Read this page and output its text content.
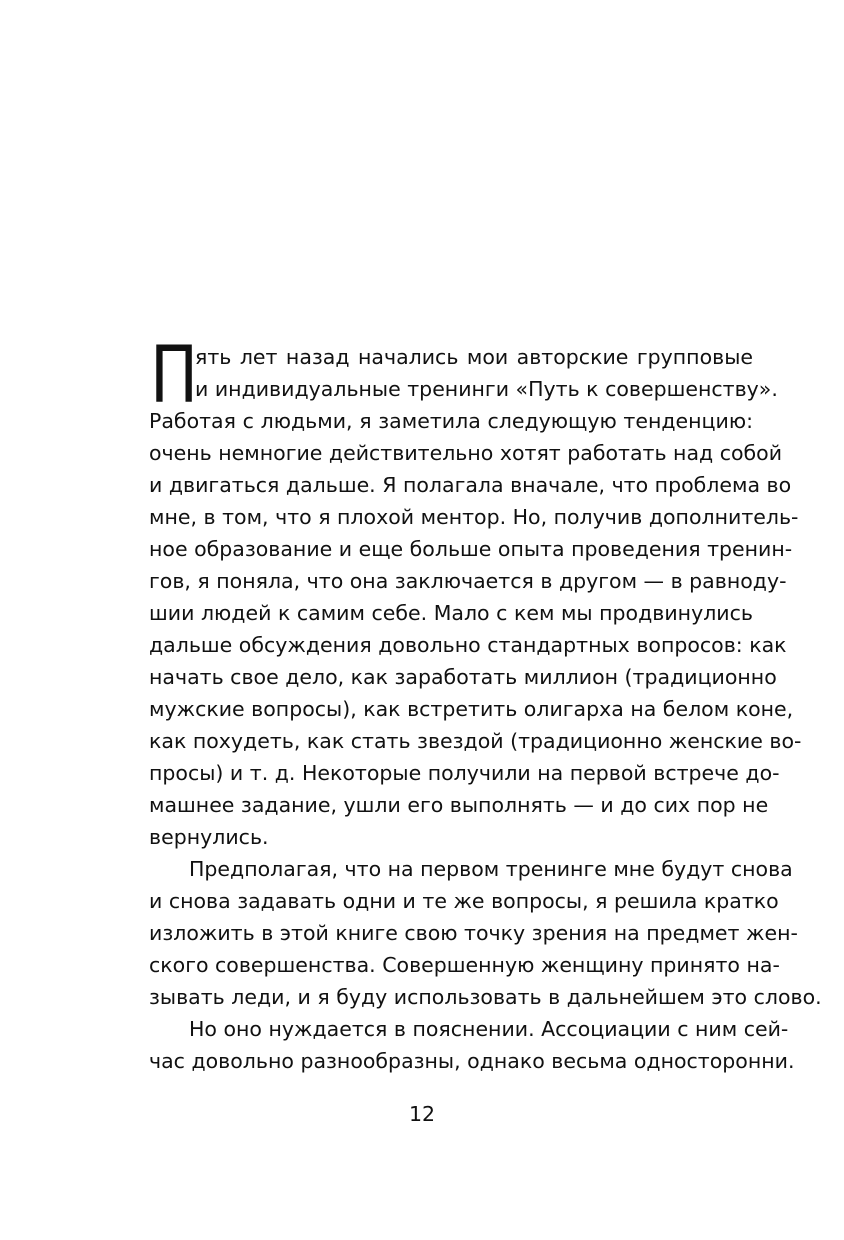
П
ять лет назад начались мои авторские групповые
и индивидуальные тренинги «Путь к совершенству».
Работая с людьми, я заметила следующую тенденцию:
очень немногие действительно хотят работать над собой
и двигаться дальше. Я полагала вначале, что проблема во
мне, в том, что я плохой ментор. Но, получив дополнитель-
ное образование и еще больше опыта проведения тренин-
гов, я поняла, что она заключается в другом — в равноду-
шии людей к самим себе. Мало с кем мы продвинулись
дальше обсуждения довольно стандартных вопросов: как
начать свое дело, как заработать миллион (традиционно
мужские вопросы), как встретить олигарха на белом коне,
как похудеть, как стать звездой (традиционно женские во-
просы) и т. д. Некоторые получили на первой встрече до-
машнее задание, ушли его выполнять — и до сих пор не
вернулись.
Предполагая, что на первом тренинге мне будут снова
и снова задавать одни и те же вопросы, я решила кратко
изложить в этой книге свою точку зрения на предмет жен-
ского совершенства. Совершенную женщину принято на-
зывать леди, и я буду использовать в дальнейшем это слово.
Но оно нуждается в пояснении. Ассоциации с ним сей-
час довольно разнообразны, однако весьма односторонни.
12
